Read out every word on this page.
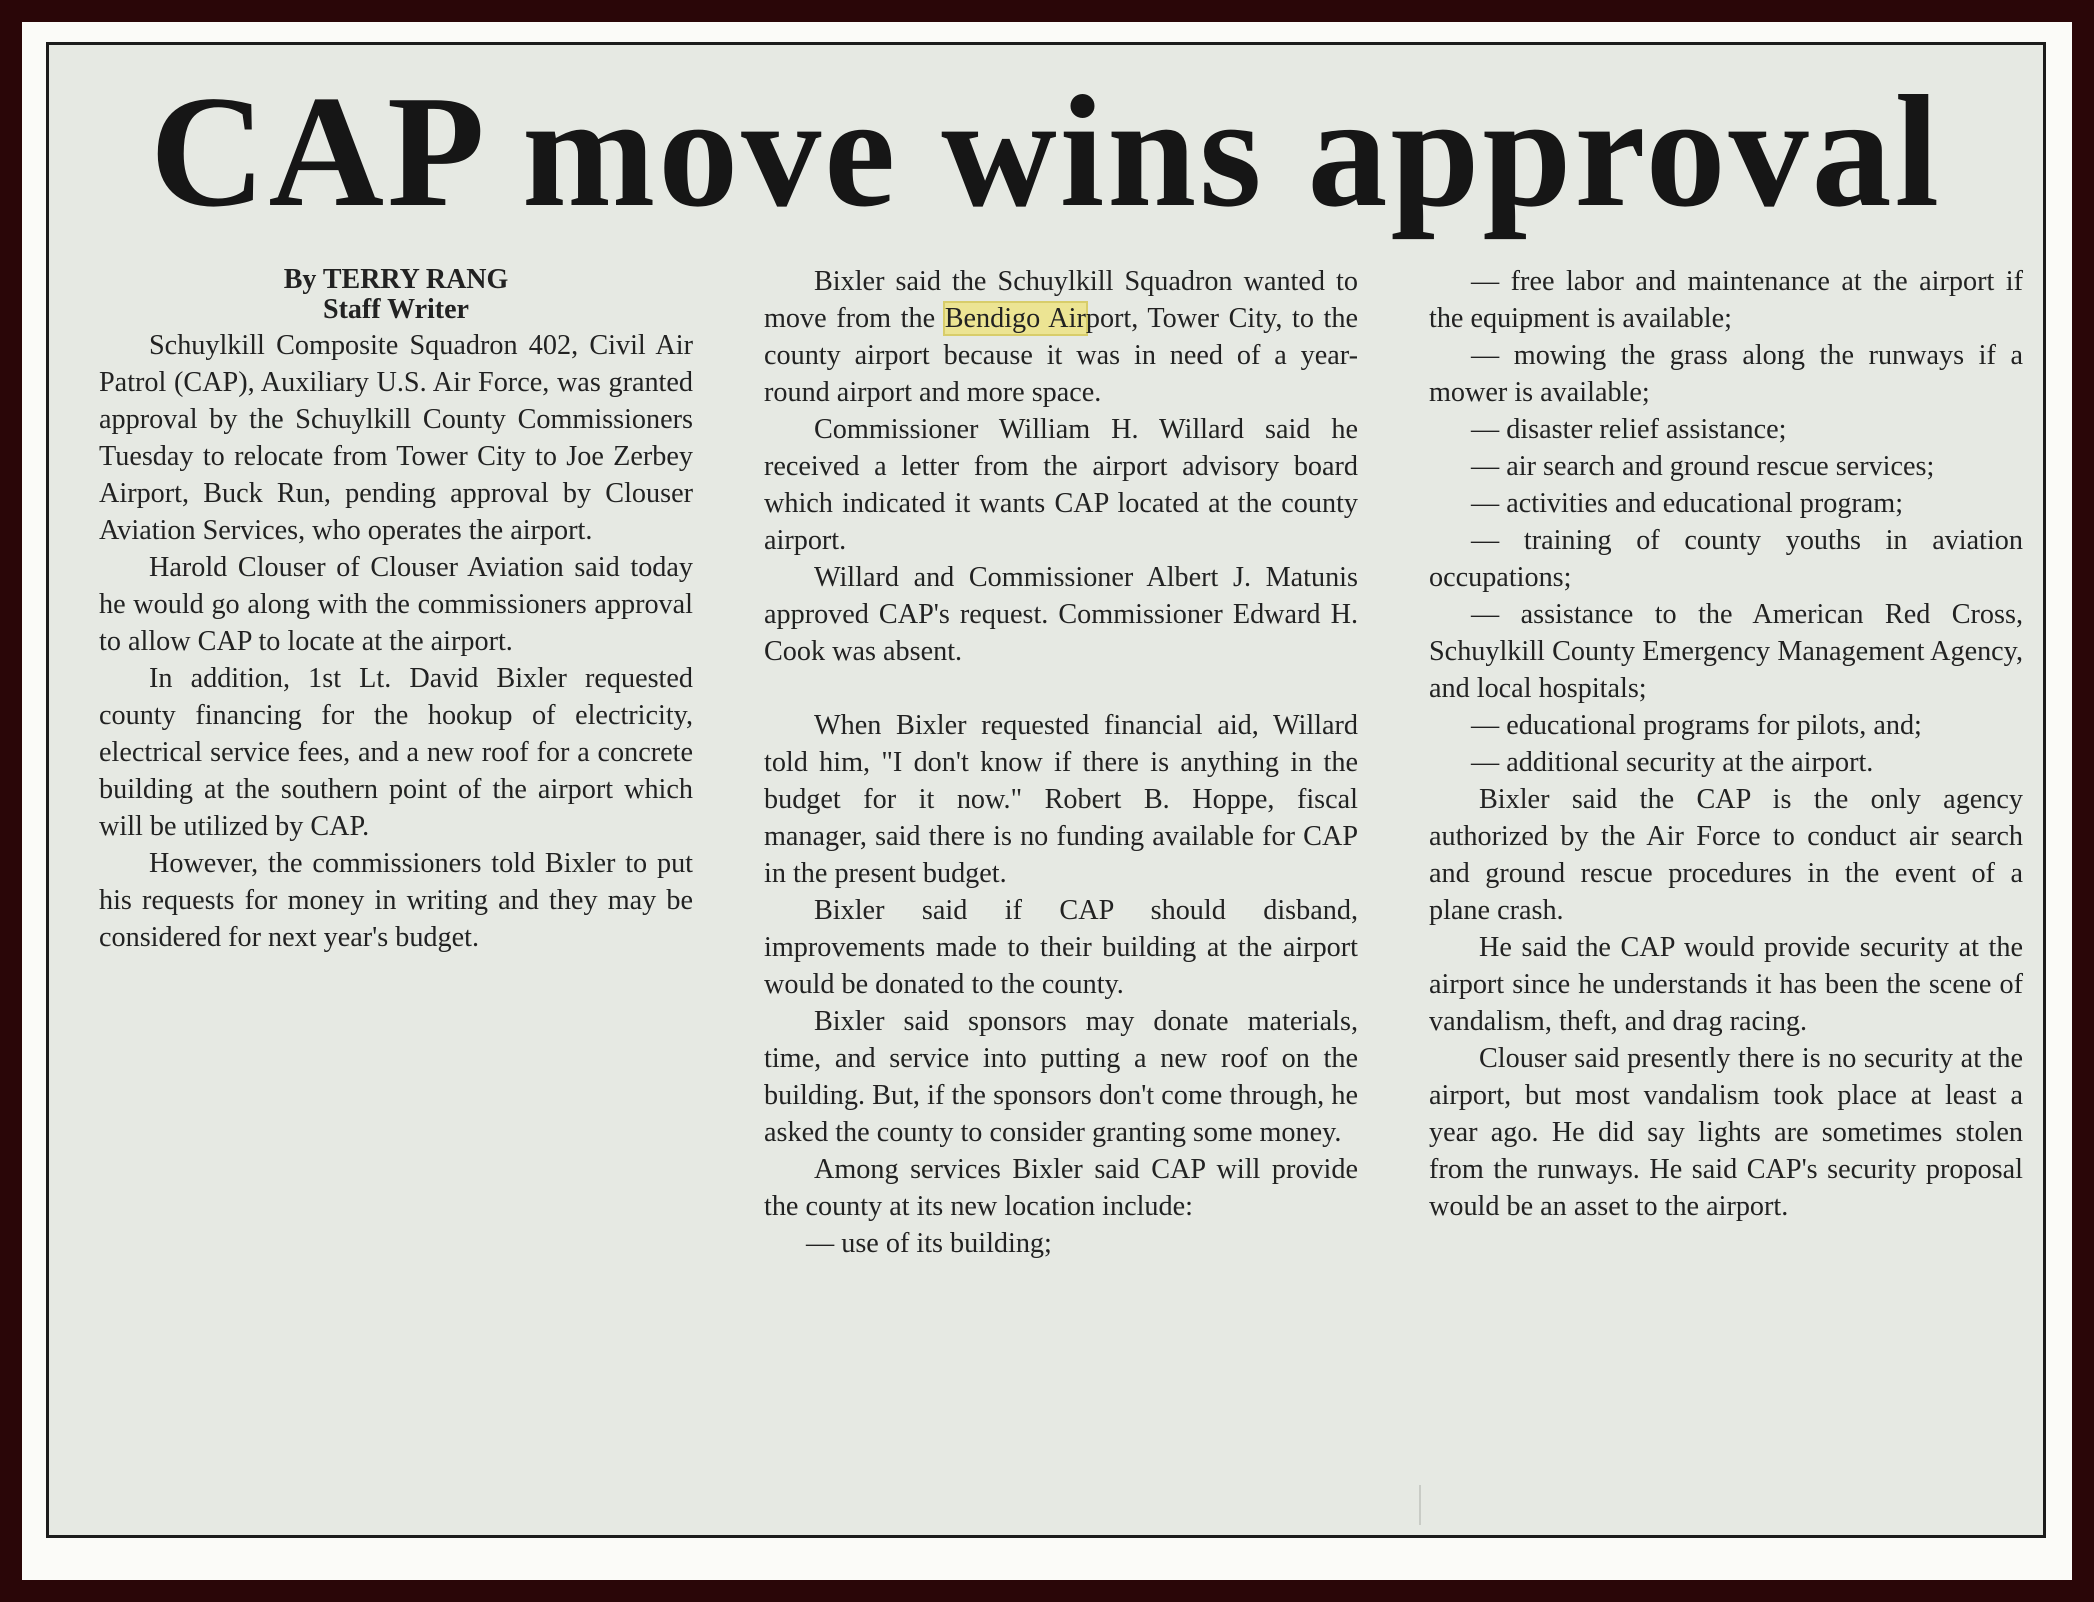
CAP move wins approval

By TERRY RANG

Staff Writer

Schuylkill Composite Squadron 402, Civil Air Patrol (CAP), Auxiliary U.S. Air Force, was granted approval by the Schuylkill County Commissioners Tuesday to relocate from Tower City to Joe Zerbey Airport, Buck Run, pending approval by Clouser Aviation Services, who operates the airport.

Harold Clouser of Clouser Aviation said today he would go along with the commissioners approval to allow CAP to locate at the airport.

In addition, 1st Lt. David Bixler requested county financing for the hookup of electricity, electrical service fees, and a new roof for a concrete building at the southern point of the airport which will be utilized by CAP.

However, the commissioners told Bixler to put his requests for money in writing and they may be considered for next year's budget.

Bixler said the Schuylkill Squadron wanted to move from the Bendigo Airport, Tower City, to the county airport because it was in need of a year-round airport and more space.

Commissioner William H. Willard said he received a letter from the airport advisory board which indicated it wants CAP located at the county airport.

Willard and Commissioner Albert J. Matunis approved CAP's request. Commissioner Edward H. Cook was absent.

When Bixler requested financial aid, Willard told him, "I don't know if there is anything in the budget for it now." Robert B. Hoppe, fiscal manager, said there is no funding available for CAP in the present budget.

Bixler said if CAP should disband, improvements made to their building at the airport would be donated to the county.

Bixler said sponsors may donate materials, time, and service into putting a new roof on the building. But, if the sponsors don't come through, he asked the county to consider granting some money.

Among services Bixler said CAP will provide the county at its new location include:

— use of its building;

— free labor and maintenance at the airport if the equipment is available;

— mowing the grass along the runways if a mower is available;

— disaster relief assistance;

— air search and ground rescue services;

— activities and educational program;

— training of county youths in aviation occupations;

— assistance to the American Red Cross, Schuylkill County Emergency Management Agency, and local hospitals;

— educational programs for pilots, and;

— additional security at the airport.

Bixler said the CAP is the only agency authorized by the Air Force to conduct air search and ground rescue procedures in the event of a plane crash.

He said the CAP would provide security at the airport since he understands it has been the scene of vandalism, theft, and drag racing.

Clouser said presently there is no security at the airport, but most vandalism took place at least a year ago. He did say lights are sometimes stolen from the runways. He said CAP's security proposal would be an asset to the airport.
